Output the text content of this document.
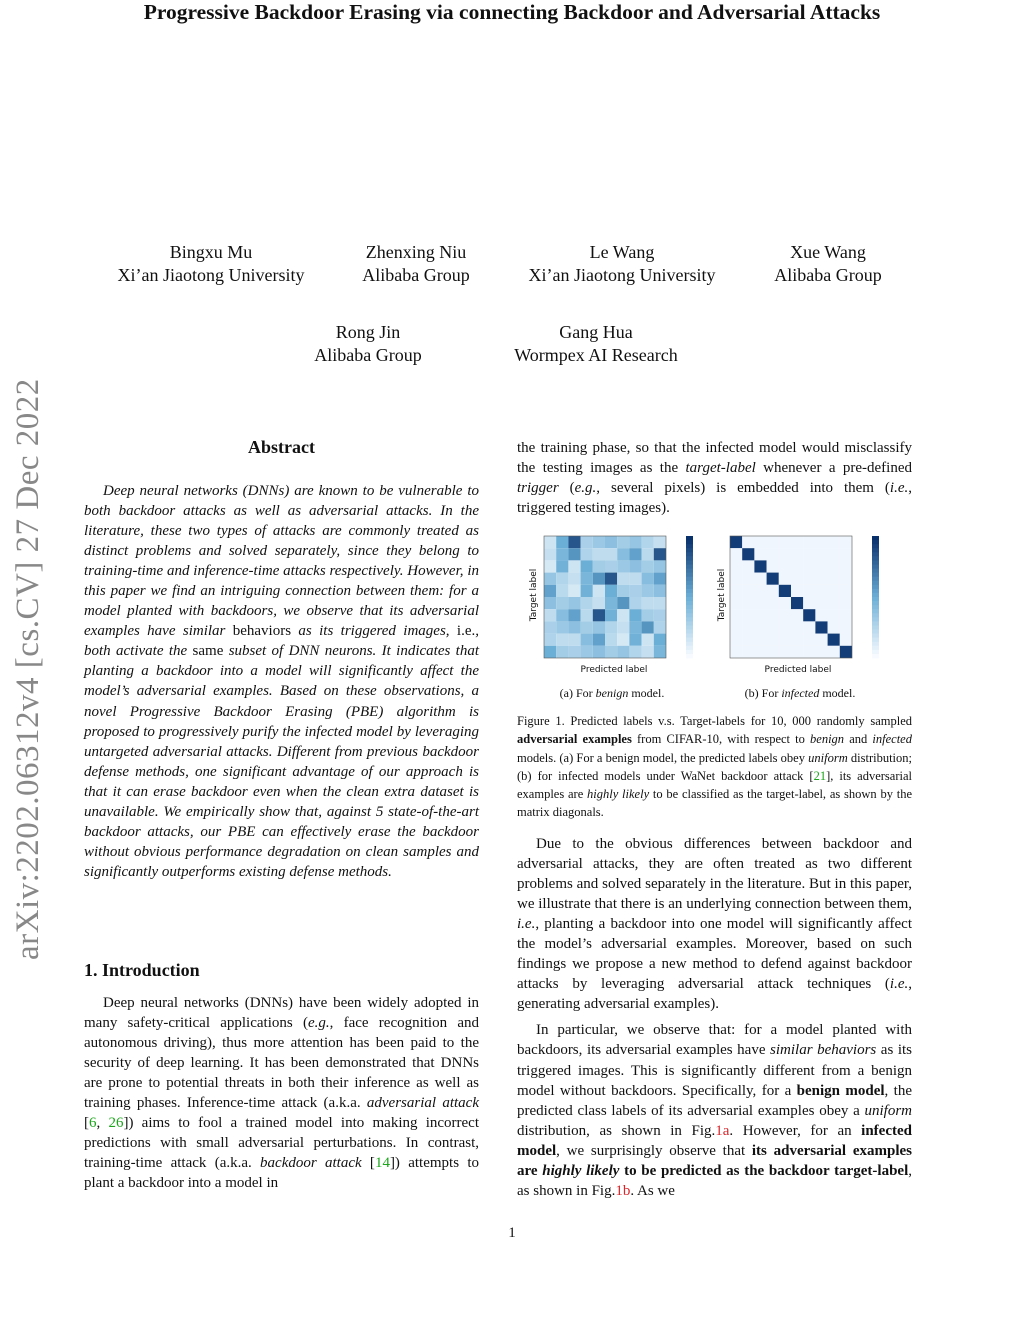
arXiv:2202.06312v4 [cs.CV] 27 Dec 2022
Progressive Backdoor Erasing via connecting Backdoor and Adversarial Attacks
Bingxu Mu
Xi’an Jiaotong University
Zhenxing Niu
Alibaba Group
Le Wang
Xi’an Jiaotong University
Xue Wang
Alibaba Group
Rong Jin
Alibaba Group
Gang Hua
Wormpex AI Research
Abstract

Deep neural networks (DNNs) are known to be vulnerable to both backdoor attacks as well as adversarial attacks. In the literature, these two types of attacks are commonly treated as distinct problems and solved separately, since they belong to training-time and inference-time attacks respectively. However, in this paper we find an intriguing connection between them: for a model planted with backdoors, we observe that its adversarial examples have similar behaviors as its triggered images, i.e., both activate the same subset of DNN neurons. It indicates that planting a backdoor into a model will significantly affect the model’s adversarial examples. Based on these observations, a novel Progressive Backdoor Erasing (PBE) algorithm is proposed to progressively purify the infected model by leveraging untargeted adversarial attacks. Different from previous backdoor defense methods, one significant advantage of our approach is that it can erase backdoor even when the clean extra dataset is unavailable. We empirically show that, against 5 state-of-the-art backdoor attacks, our PBE can effectively erase the backdoor without obvious performance degradation on clean samples and significantly outperforms existing defense methods.

1. Introduction

Deep neural networks (DNNs) have been widely adopted in many safety-critical applications (e.g., face recognition and autonomous driving), thus more attention has been paid to the security of deep learning. It has been demonstrated that DNNs are prone to potential threats in both their inference as well as training phases. Inference-time attack (a.k.a. adversarial attack [6, 26]) aims to fool a trained model into making incorrect predictions with small adversarial perturbations. In contrast, training-time attack (a.k.a. backdoor attack [14]) attempts to plant a backdoor into a model in

the training phase, so that the infected model would misclassify the testing images as the target-label whenever a pre-defined trigger (e.g., several pixels) is embedded into them (i.e., triggered testing images).

Predicted label
Target label
Predicted label
Target label
(a) For benign model.	(b) For infected model.
Figure 1. Predicted labels v.s. Target-labels for 10, 000 randomly sampled adversarial examples from CIFAR-10, with respect to benign and infected models. (a) For a benign model, the predicted labels obey uniform distribution; (b) for infected models under WaNet backdoor attack [21], its adversarial examples are highly likely to be classified as the target-label, as shown by the matrix diagonals.

Due to the obvious differences between backdoor and adversarial attacks, they are often treated as two different problems and solved separately in the literature. But in this paper, we illustrate that there is an underlying connection between them, i.e., planting a backdoor into one model will significantly affect the model’s adversarial examples. Moreover, based on such findings we propose a new method to defend against backdoor attacks by leveraging adversarial attack techniques (i.e., generating adversarial examples).

In particular, we observe that: for a model planted with backdoors, its adversarial examples have similar behaviors as its triggered images. This is significantly different from a benign model without backdoors. Specifically, for a benign model, the predicted class labels of its adversarial examples obey a uniform distribution, as shown in Fig.1a. However, for an infected model, we surprisingly observe that its adversarial examples are highly likely to be predicted as the backdoor target-label, as shown in Fig.1b. As we

1
